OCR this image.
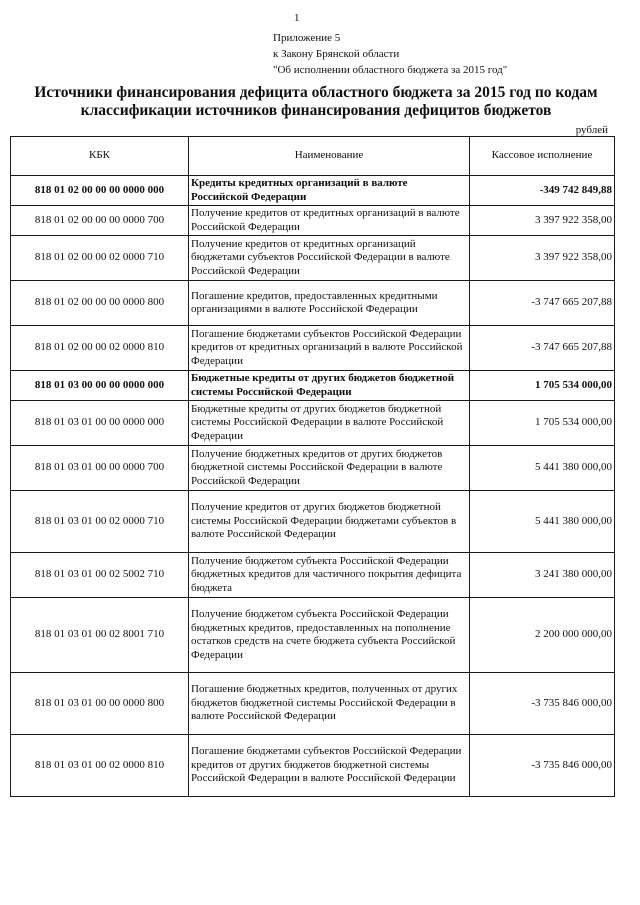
1
Приложение 5
к Закону Брянской области
"Об исполнении областного бюджета за 2015 год"
Источники финансирования дефицита областного бюджета за 2015 год по кодам
классификации источников финансирования дефицитов бюджетов
рублей
КБК	Наименование	Кассовое исполнение
818 01 02 00 00 00 0000 000	Кредиты кредитных организаций в валюте Российской Федерации	-349 742 849,88
818 01 02 00 00 00 0000 700	Получение кредитов от кредитных организаций в валюте Российской Федерации	3 397 922 358,00
818 01 02 00 00 02 0000 710	Получение кредитов от кредитных организаций бюджетами субъектов Российской Федерации в валюте Российской Федерации	3 397 922 358,00
818 01 02 00 00 00 0000 800	Погашение кредитов, предоставленных кредитными организациями в валюте Российской Федерации	-3 747 665 207,88
818 01 02 00 00 02 0000 810	Погашение бюджетами субъектов Российской Федерации кредитов от кредитных организаций в валюте Российской Федерации	-3 747 665 207,88
818 01 03 00 00 00 0000 000	Бюджетные кредиты от других бюджетов бюджетной системы Российской Федерации	1 705 534 000,00
818 01 03 01 00 00 0000 000	Бюджетные кредиты от других бюджетов бюджетной системы Российской Федерации в валюте Российской Федерации	1 705 534 000,00
818 01 03 01 00 00 0000 700	Получение бюджетных кредитов от других бюджетов бюджетной системы Российской Федерации в валюте Российской Федерации	5 441 380 000,00
818 01 03 01 00 02 0000 710	Получение кредитов от других бюджетов бюджетной системы Российской Федерации бюджетами субъектов в валюте Российской Федерации	5 441 380 000,00
818 01 03 01 00 02 5002 710	Получение бюджетом субъекта Российской Федерации бюджетных кредитов для частичного покрытия дефицита бюджета	3 241 380 000,00
818 01 03 01 00 02 8001 710	Получение бюджетом субъекта Российской Федерации бюджетных кредитов, предоставленных на пополнение остатков средств на счете бюджета субъекта Российской Федерации	2 200 000 000,00
818 01 03 01 00 00 0000 800	Погашение бюджетных кредитов, полученных от других бюджетов бюджетной системы Российской Федерации в валюте Российской Федерации	-3 735 846 000,00
818 01 03 01 00 02 0000 810	Погашение бюджетами субъектов Российской Федерации кредитов от других бюджетов бюджетной системы Российской Федерации в валюте Российской Федерации	-3 735 846 000,00
